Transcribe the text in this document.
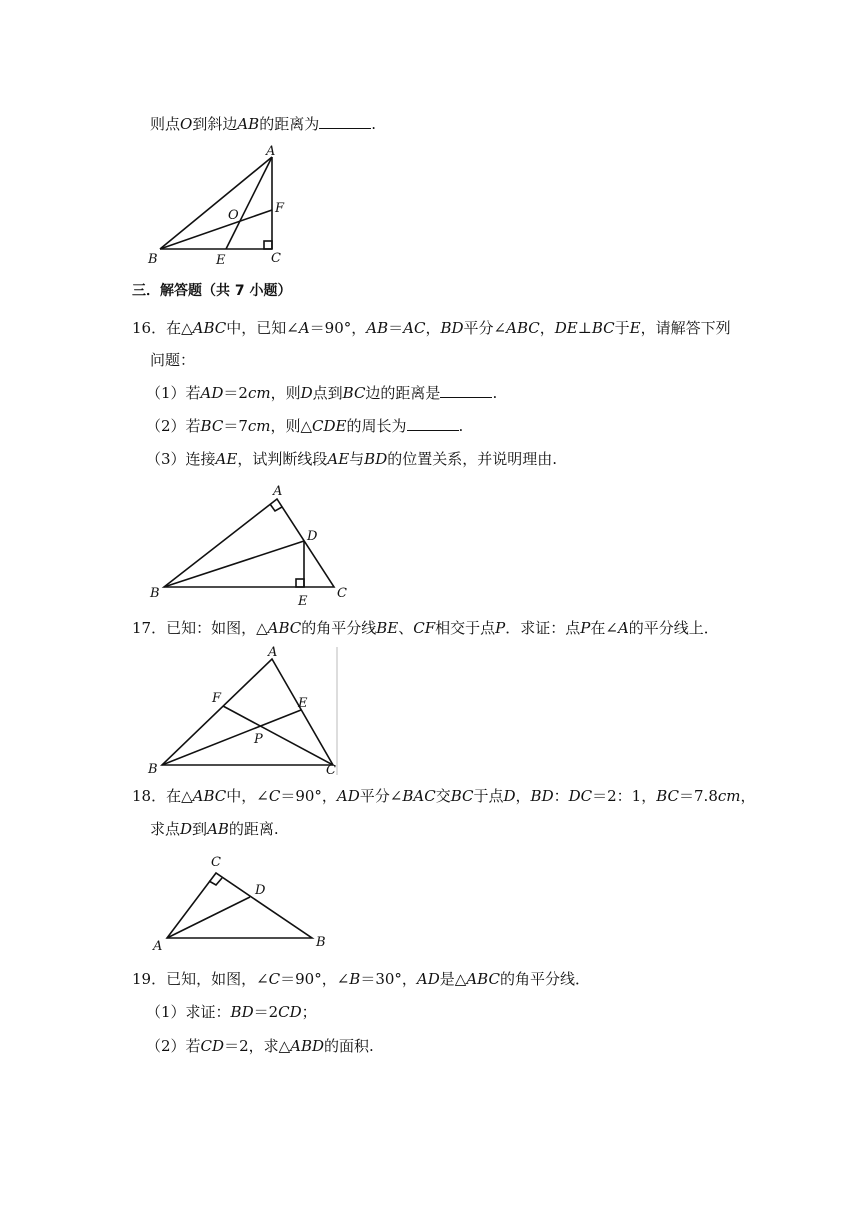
则点O到斜边AB的距离为	.
A
B	C
E
F
O
三．解答题（共 7 小题）
16．在△ABC中，已知∠A＝90°，AB＝AC，BD平分∠ABC，DE⊥BC于E，请解答下列
问题：
（1）若AD＝2cm，则D点到BC边的距离是	.
（2）若BC＝7cm，则△CDE的周长为	.
（3）连接AE，试判断线段AE与BD的位置关系，并说明理由.
A
B	C
D
E
17．已知：如图，△ABC的角平分线BE、CF相交于点P．求证：点P在∠A的平分线上．
A
B	C
E
F
P
18．在△ABC中，∠C＝90°，AD平分∠BAC交BC于点D，BD：DC＝2：1，BC＝7.8cm，
求点D到AB的距离.
C
A	B
D
19．已知，如图，∠C＝90°，∠B＝30°，AD是△ABC的角平分线．
（1）求证：BD＝2CD；
（2）若CD＝2，求△ABD的面积.
